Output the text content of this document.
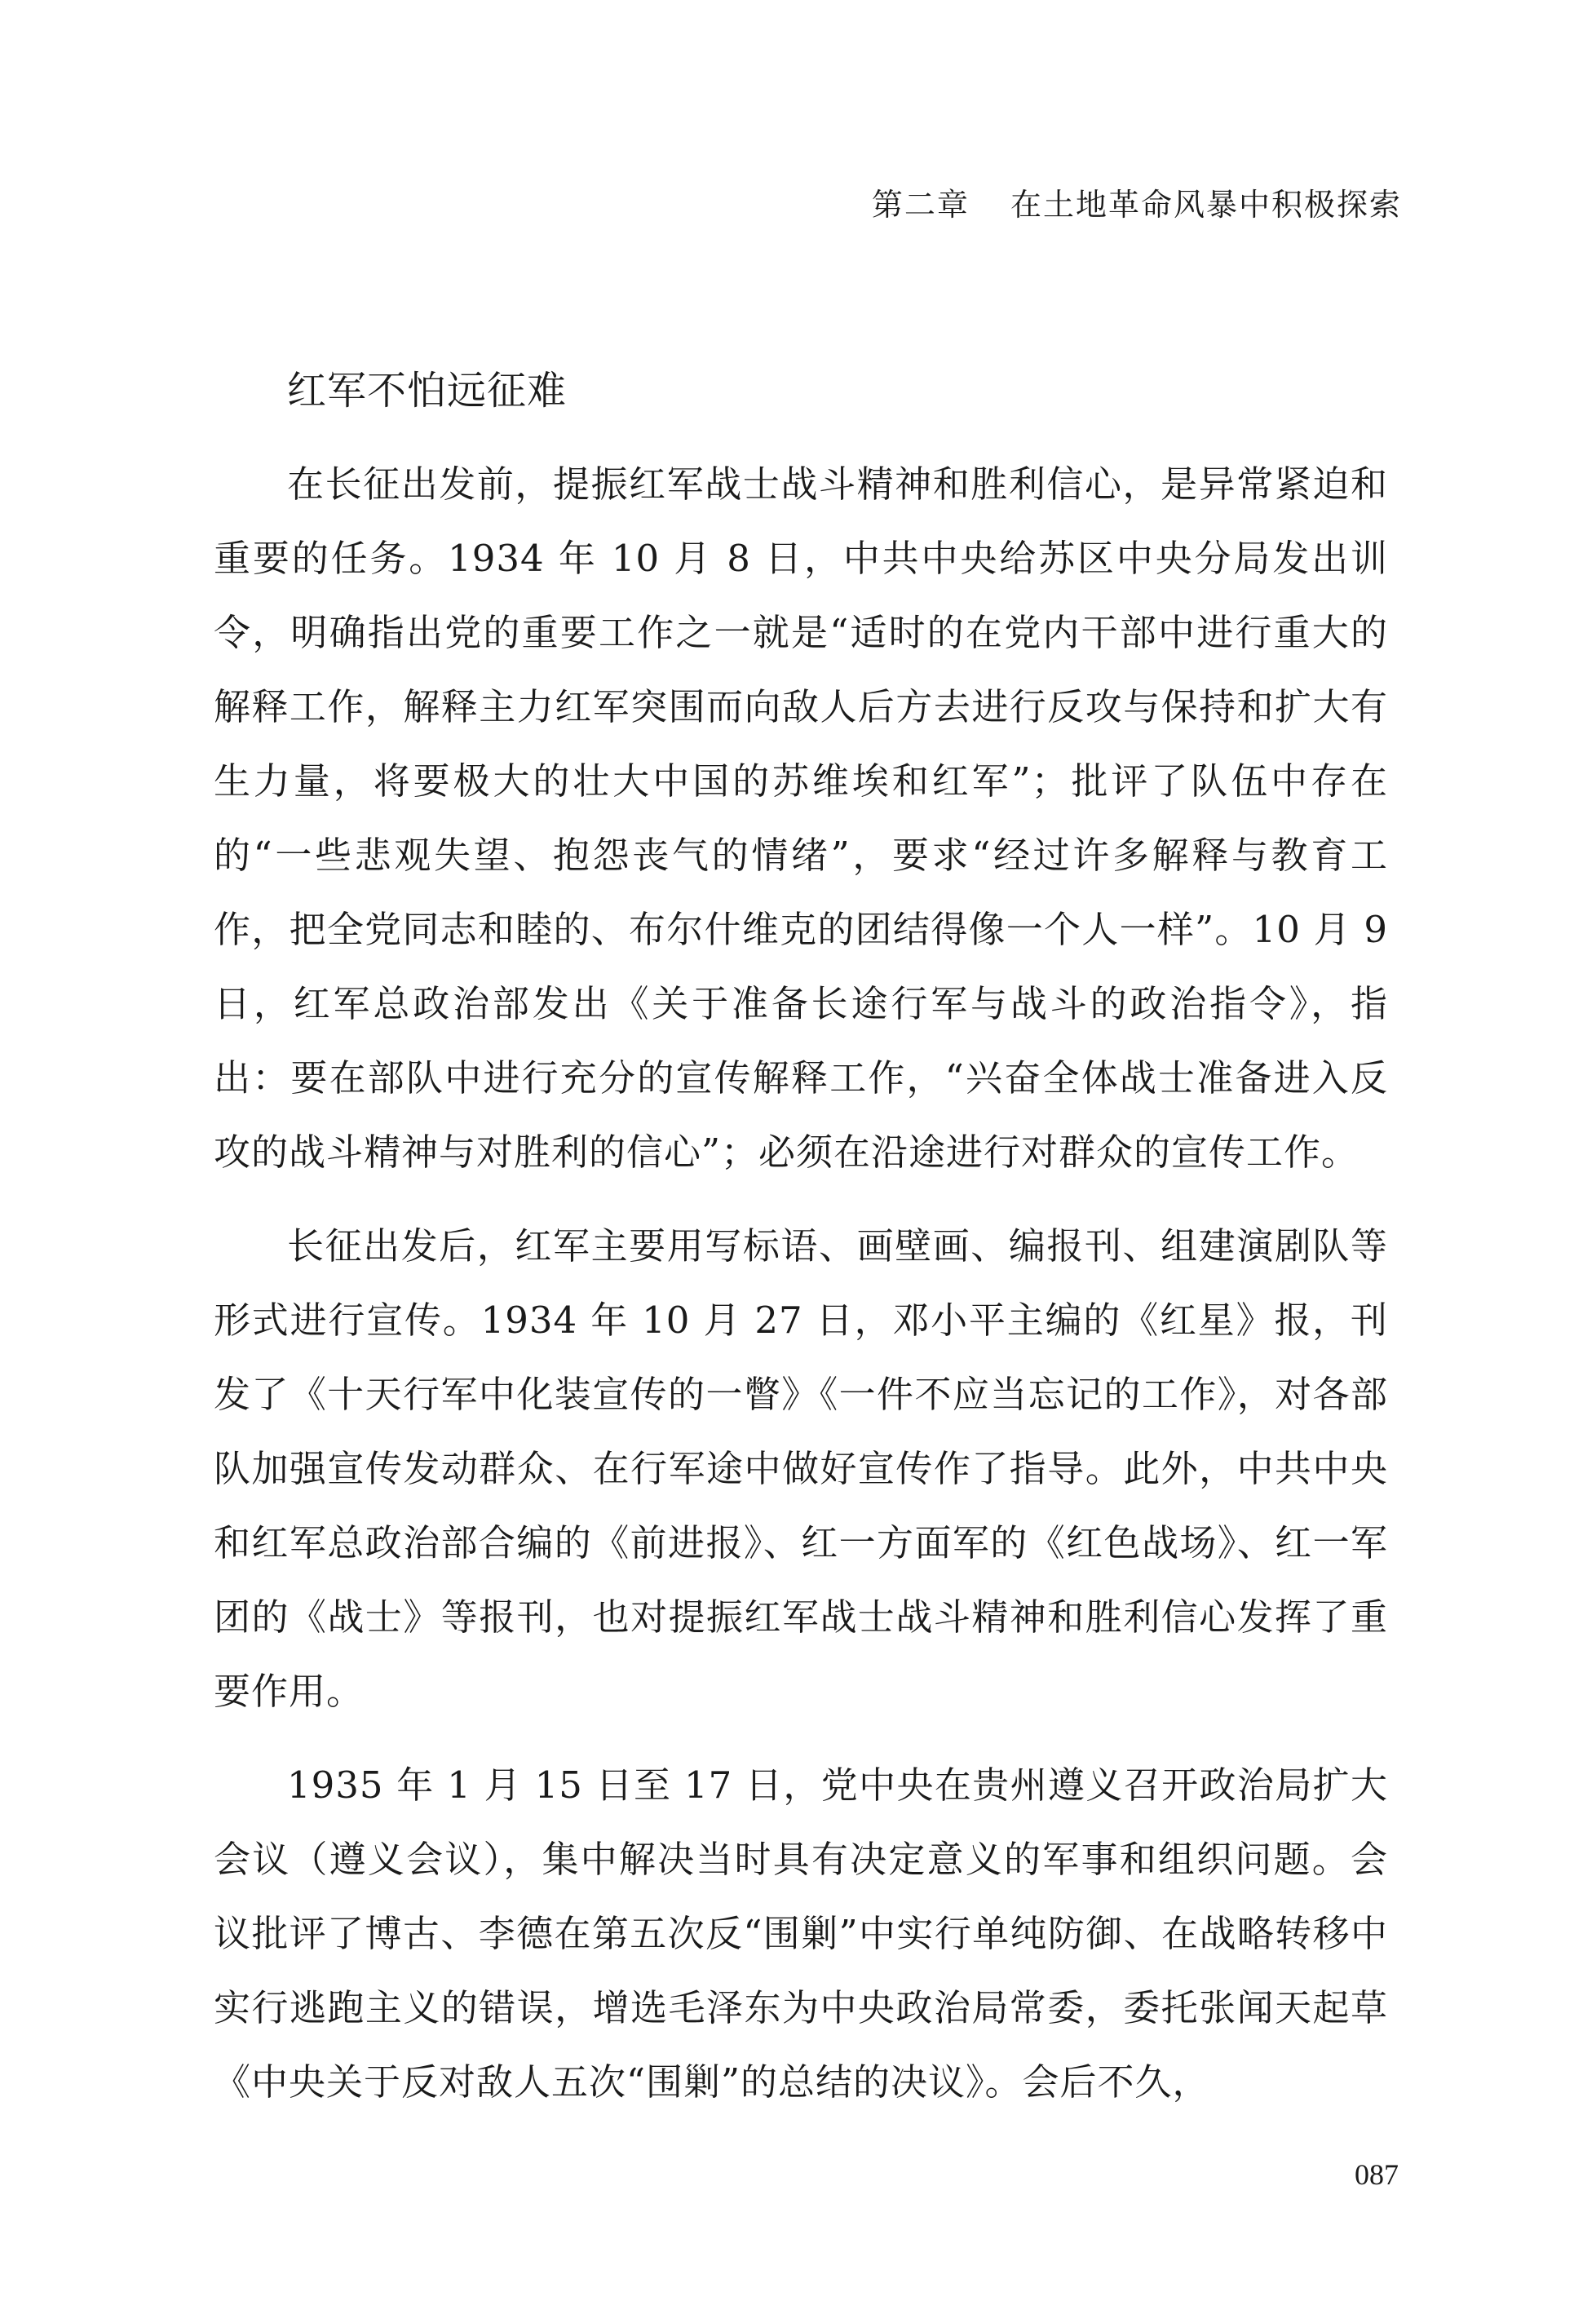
第二章 在土地革命风暴中积极探索
红军不怕远征难

在长征出发前，提振红军战士战斗精神和胜利信心，是异常紧迫和重要的任务。1934 年 10 月 8 日，中共中央给苏区中央分局发出训令，明确指出党的重要工作之一就是“适时的在党内干部中进行重大的解释工作，解释主力红军突围而向敌人后方去进行反攻与保持和扩大有生力量，将要极大的壮大中国的苏维埃和红军”；批评了队伍中存在的“一些悲观失望、抱怨丧气的情绪”，要求“经过许多解释与教育工作，把全党同志和睦的、布尔什维克的团结得像一个人一样”。10 月 9 日，红军总政治部发出《关于准备长途行军与战斗的政治指令》，指出：要在部队中进行充分的宣传解释工作，“兴奋全体战士准备进入反攻的战斗精神与对胜利的信心”；必须在沿途进行对群众的宣传工作。

长征出发后，红军主要用写标语、画壁画、编报刊、组建演剧队等形式进行宣传。1934 年 10 月 27 日，邓小平主编的《红星》报，刊发了《十天行军中化装宣传的一瞥》《一件不应当忘记的工作》，对各部队加强宣传发动群众、在行军途中做好宣传作了指导。此外，中共中央和红军总政治部合编的《前进报》、红一方面军的《红色战场》、红一军团的《战士》等报刊，也对提振红军战士战斗精神和胜利信心发挥了重要作用。

1935 年 1 月 15 日至 17 日，党中央在贵州遵义召开政治局扩大会议（遵义会议），集中解决当时具有决定意义的军事和组织问题。会议批评了博古、李德在第五次反“围剿”中实行单纯防御、在战略转移中实行逃跑主义的错误，增选毛泽东为中央政治局常委，委托张闻天起草《中央关于反对敌人五次“围剿”的总结的决议》。会后不久，

087
